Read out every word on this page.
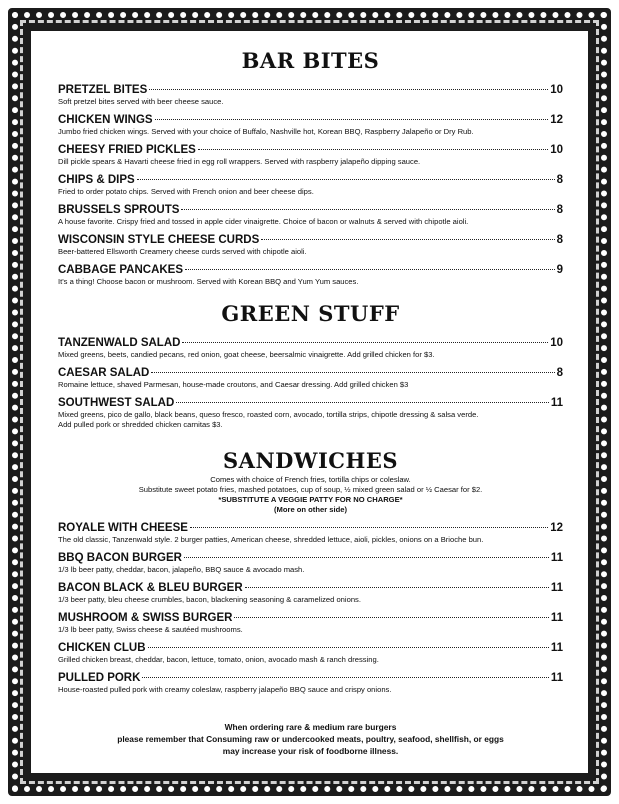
BAR BITES
PRETZEL BITES	10
Soft pretzel bites served with beer cheese sauce.
CHICKEN WINGS	12
Jumbo fried chicken wings. Served with your choice of Buffalo, Nashville hot, Korean BBQ, Raspberry Jalapeño or Dry Rub.
CHEESY FRIED PICKLES	10
Dill pickle spears & Havarti cheese fried in egg roll wrappers. Served with raspberry jalapeño dipping sauce.
CHIPS & DIPS	8
Fried to order potato chips. Served with French onion and beer cheese dips.
BRUSSELS SPROUTS	8
A house favorite. Crispy fried and tossed in apple cider vinaigrette. Choice of bacon or walnuts & served with chipotle aioli.
WISCONSIN STYLE CHEESE CURDS	8
Beer-battered Ellsworth Creamery cheese curds served with chipotle aioli.
CABBAGE PANCAKES	9
It's a thing! Choose bacon or mushroom. Served with Korean BBQ and Yum Yum sauces.
GREEN STUFF
TANZENWALD SALAD	10
Mixed greens, beets, candied pecans, red onion, goat cheese, beersalmic vinaigrette. Add grilled chicken for $3.
CAESAR SALAD	8
Romaine lettuce, shaved Parmesan, house-made croutons, and Caesar dressing. Add grilled chicken $3
SOUTHWEST SALAD	11
Mixed greens, pico de gallo, black beans, queso fresco, roasted corn, avocado, tortilla strips, chipotle dressing & salsa verde.
Add pulled pork or shredded chicken carnitas $3.
SANDWICHES
Comes with choice of French fries, tortilla chips or coleslaw.
Substitute sweet potato fries, mashed potatoes, cup of soup, ½ mixed green salad or ½ Caesar for $2.
*SUBSTITUTE A VEGGIE PATTY FOR NO CHARGE*
(More on other side)
ROYALE WITH CHEESE	12
The old classic, Tanzenwald style. 2 burger patties, American cheese, shredded lettuce, aioli, pickles, onions on a Brioche bun.
BBQ BACON BURGER	11
1/3 lb beer patty, cheddar, bacon, jalapeño, BBQ sauce & avocado mash.
BACON BLACK & BLEU BURGER	11
1/3 beer patty, bleu cheese crumbles, bacon, blackening seasoning & caramelized onions.
MUSHROOM & SWISS BURGER	11
1/3 lb beer patty, Swiss cheese & sautéed mushrooms.
CHICKEN CLUB	11
Grilled chicken breast, cheddar, bacon, lettuce, tomato, onion, avocado mash & ranch dressing.
PULLED PORK	11
House-roasted pulled pork with creamy coleslaw, raspberry jalapeño BBQ sauce and crispy onions.
When ordering rare & medium rare burgers
please remember that Consuming raw or undercooked meats, poultry, seafood, shellfish, or eggs
may increase your risk of foodborne illness.
